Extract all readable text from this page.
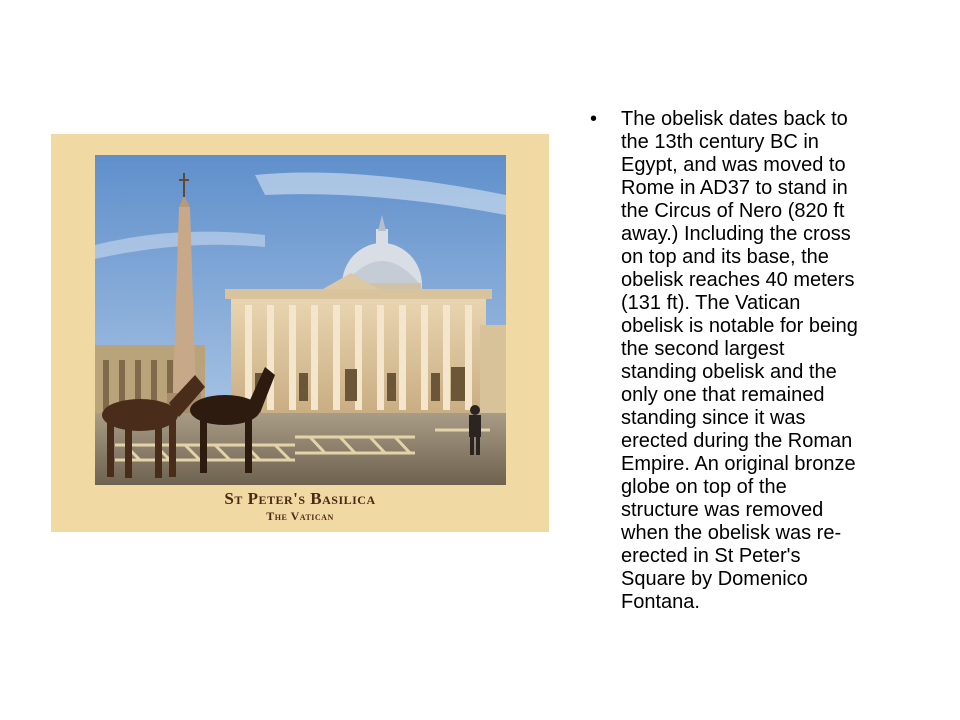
St Peter's Basilica
The Vatican
• The obelisk dates back to
the 13th century BC in
Egypt, and was moved to
Rome in AD37 to stand in
the Circus of Nero (820 ft
away.) Including the cross
on top and its base, the
obelisk reaches 40 meters
(131 ft). The Vatican
obelisk is notable for being
the second largest
standing obelisk and the
only one that remained
standing since it was
erected during the Roman
Empire. An original bronze
globe on top of the
structure was removed
when the obelisk was re-
erected in St Peter's
Square by Domenico
Fontana.
